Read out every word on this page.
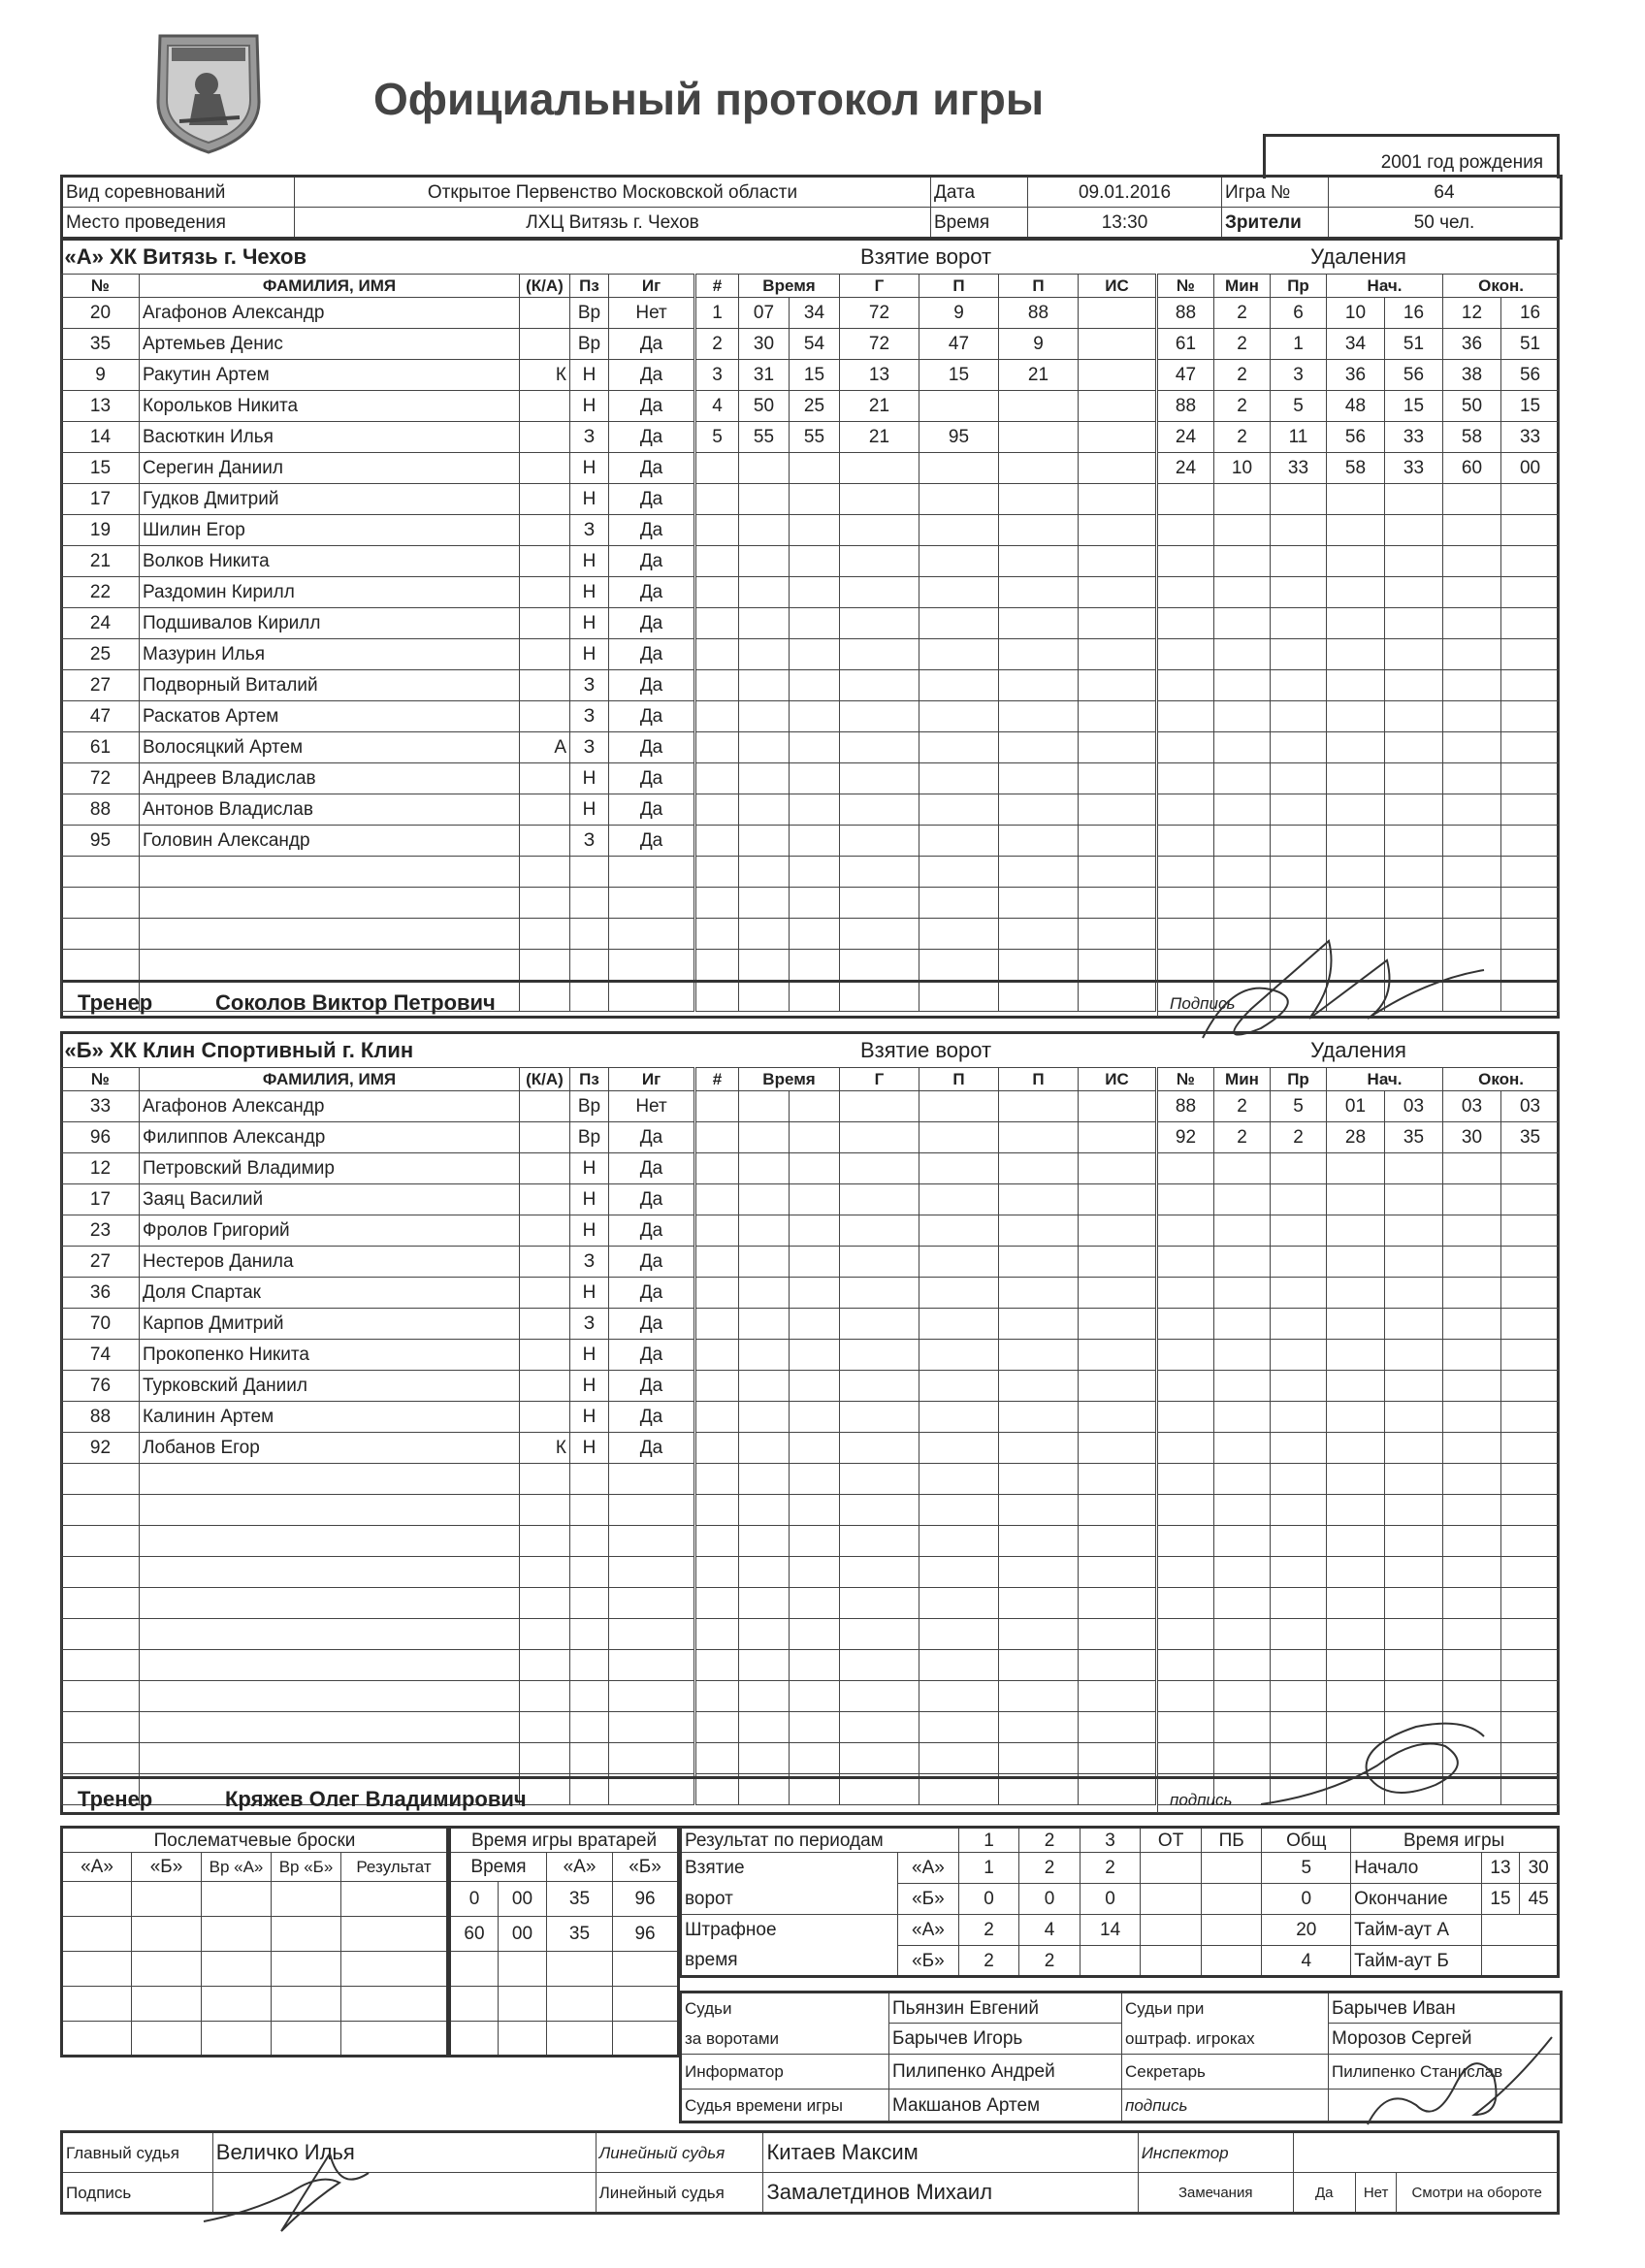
Официальный протокол игры
2001 год рождения
Вид соревнований	Открытое Первенство Московской области	Дата	09.01.2016	Игра №	64
Место проведения	ЛХЦ Витязь г. Чехов	Время	13:30	Зрители	50 чел.
«А» ХК Витязь г. Чехов				
№	ФАМИЛИЯ, ИМЯ	(К/А)	Пз	Иг
20	Агафонов Александр		Вр	Нет
35	Артемьев Денис		Вр	Да
9	Ракутин Артем	К	Н	Да
13	Корольков Никита		Н	Да
14	Васюткин Илья		З	Да
15	Серегин Даниил		Н	Да
17	Гудков Дмитрий		Н	Да
19	Шилин Егор		З	Да
21	Волков Никита		Н	Да
22	Раздомин Кирилл		Н	Да
24	Подшивалов Кирилл		Н	Да
25	Мазурин Илья		Н	Да
27	Подворный Виталий		З	Да
47	Раскатов Артем		З	Да
61	Волосяцкий Артем	А	З	Да
72	Андреев Владислав		Н	Да
88	Антонов Владислав		Н	Да
95	Головин Александр		З	Да

Взятие ворот						
#	Время		Г	П	П	ИС
1	07	34	72	9	88	
2	30	54	72	47	9	
3	31	15	13	15	21	
4	50	25	21			
5	55	55	21	95		

Удаления						
№	Мин	Пр	Нач.		Окон.	
88	2	6	10	16	12	16
61	2	1	34	51	36	51
47	2	3	36	56	38	56
88	2	5	48	15	50	15
24	2	11	56	33	58	33
24	10	33	58	33	60	00

Тренер	Соколов Виктор Петрович	Подпись
«Б» ХК Клин Спортивный г. Клин				
№	ФАМИЛИЯ, ИМЯ	(К/А)	Пз	Иг
33	Агафонов Александр		Вр	Нет
96	Филиппов Александр		Вр	Да
12	Петровский Владимир		Н	Да
17	Заяц Василий		Н	Да
23	Фролов Григорий		Н	Да
27	Нестеров Данила		З	Да
36	Доля Спартак		Н	Да
70	Карпов Дмитрий		З	Да
74	Прокопенко Никита		Н	Да
76	Турковский Даниил		Н	Да
88	Калинин Артем		Н	Да
92	Лобанов Егор	К	Н	Да

Взятие ворот						
#	Время		Г	П	П	ИС

Удаления						
№	Мин	Пр	Нач.		Окон.	
88	2	5	01	03	03	03
92	2	2	28	35	30	35

Тренер	Кряжев Олег Владимирович	подпись
Послематчевые броски				
«А»	«Б»	Вр «А»	Вр «Б»	Результат

Время игры вратарей			
Время		«А»	«Б»
0	00	35	96
60	00	35	96

Результат по периодам		1	2	3	ОТ	ПБ	Общ	Время игры		
Взятие	«А»	1	2	2			5	Начало	13	30
ворот	«Б»	0	0	0			0	Окончание	15	45
Штрафное	«А»	2	4	14			20	Тайм-аут А		
время	«Б»	2	2				4	Тайм-аут Б		
Судьи	Пьянзин Евгений	Судьи при	Барычев Иван
за воротами	Барычев Игорь	оштраф. игроках	Морозов Сергей
Информатор	Пилипенко Андрей	Секретарь	Пилипенко Станислав
Судья времени игры	Макшанов Артем	подпись	
Главный судья	Величко Илья	Линейный судья	Китаев Максим	Инспектор			
Подпись		Линейный судья	Замалетдинов Михаил	Замечания	Да	Нет	Смотри на обороте
